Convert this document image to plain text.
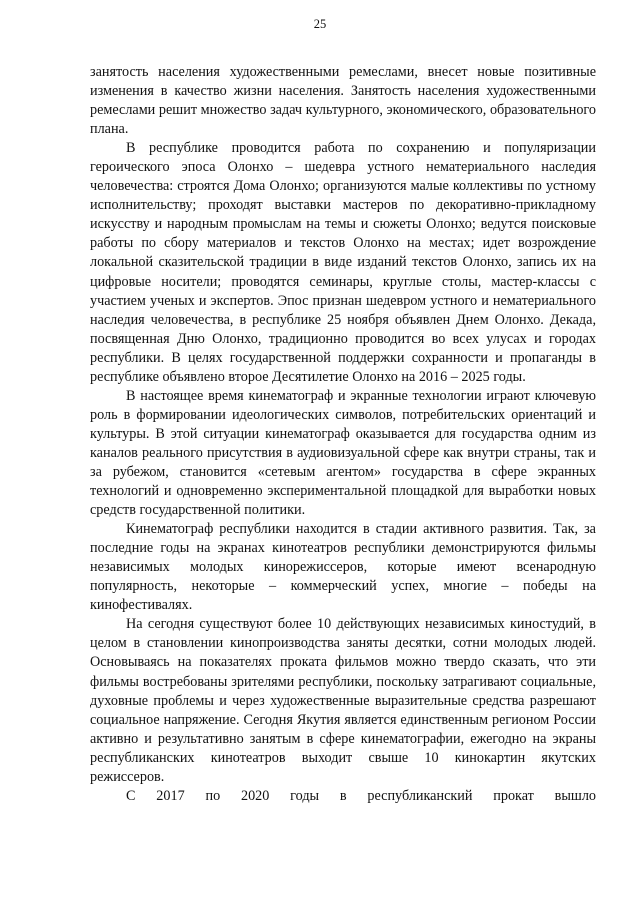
25

занятость населения художественными ремеслами, внесет новые позитивные изменения в качество жизни населения. Занятость населения художественными ремеслами решит множество задач культурного, экономического, образовательного плана.

В республике проводится работа по сохранению и популяризации героического эпоса Олонхо – шедевра устного нематериального наследия человечества: строятся Дома Олонхо; организуются малые коллективы по устному исполнительству; проходят выставки мастеров по декоративно-прикладному искусству и народным промыслам на темы и сюжеты Олонхо; ведутся поисковые работы по сбору материалов и текстов Олонхо на местах; идет возрождение локальной сказительской традиции в виде изданий текстов Олонхо, запись их на цифровые носители; проводятся семинары, круглые столы, мастер-классы с участием ученых и экспертов. Эпос признан шедевром устного и нематериального наследия человечества, в республике 25 ноября объявлен Днем Олонхо. Декада, посвященная Дню Олонхо, традиционно проводится во всех улусах и городах республики. В целях государственной поддержки сохранности и пропаганды в республике объявлено второе Десятилетие Олонхо на 2016 – 2025 годы.

В настоящее время кинематограф и экранные технологии играют ключевую роль в формировании идеологических символов, потребительских ориентаций и культуры. В этой ситуации кинематограф оказывается для государства одним из каналов реального присутствия в аудиовизуальной сфере как внутри страны, так и за рубежом, становится «сетевым агентом» государства в сфере экранных технологий и одновременно экспериментальной площадкой для выработки новых средств государственной политики.

Кинематограф республики находится в стадии активного развития. Так, за последние годы на экранах кинотеатров республики демонстрируются фильмы независимых молодых кинорежиссеров, которые имеют всенародную популярность, некоторые – коммерческий успех, многие – победы на кинофестивалях.

На сегодня существуют более 10 действующих независимых киностудий, в целом в становлении кинопроизводства заняты десятки, сотни молодых людей. Основываясь на показателях проката фильмов можно твердо сказать, что эти фильмы востребованы зрителями республики, поскольку затрагивают социальные, духовные проблемы и через художественные выразительные средства разрешают социальное напряжение. Сегодня Якутия является единственным регионом России активно и результативно занятым в сфере кинематографии, ежегодно на экраны республиканских кинотеатров выходит свыше 10 кинокартин якутских режиссеров.

С 2017 по 2020 годы в республиканский прокат вышло
